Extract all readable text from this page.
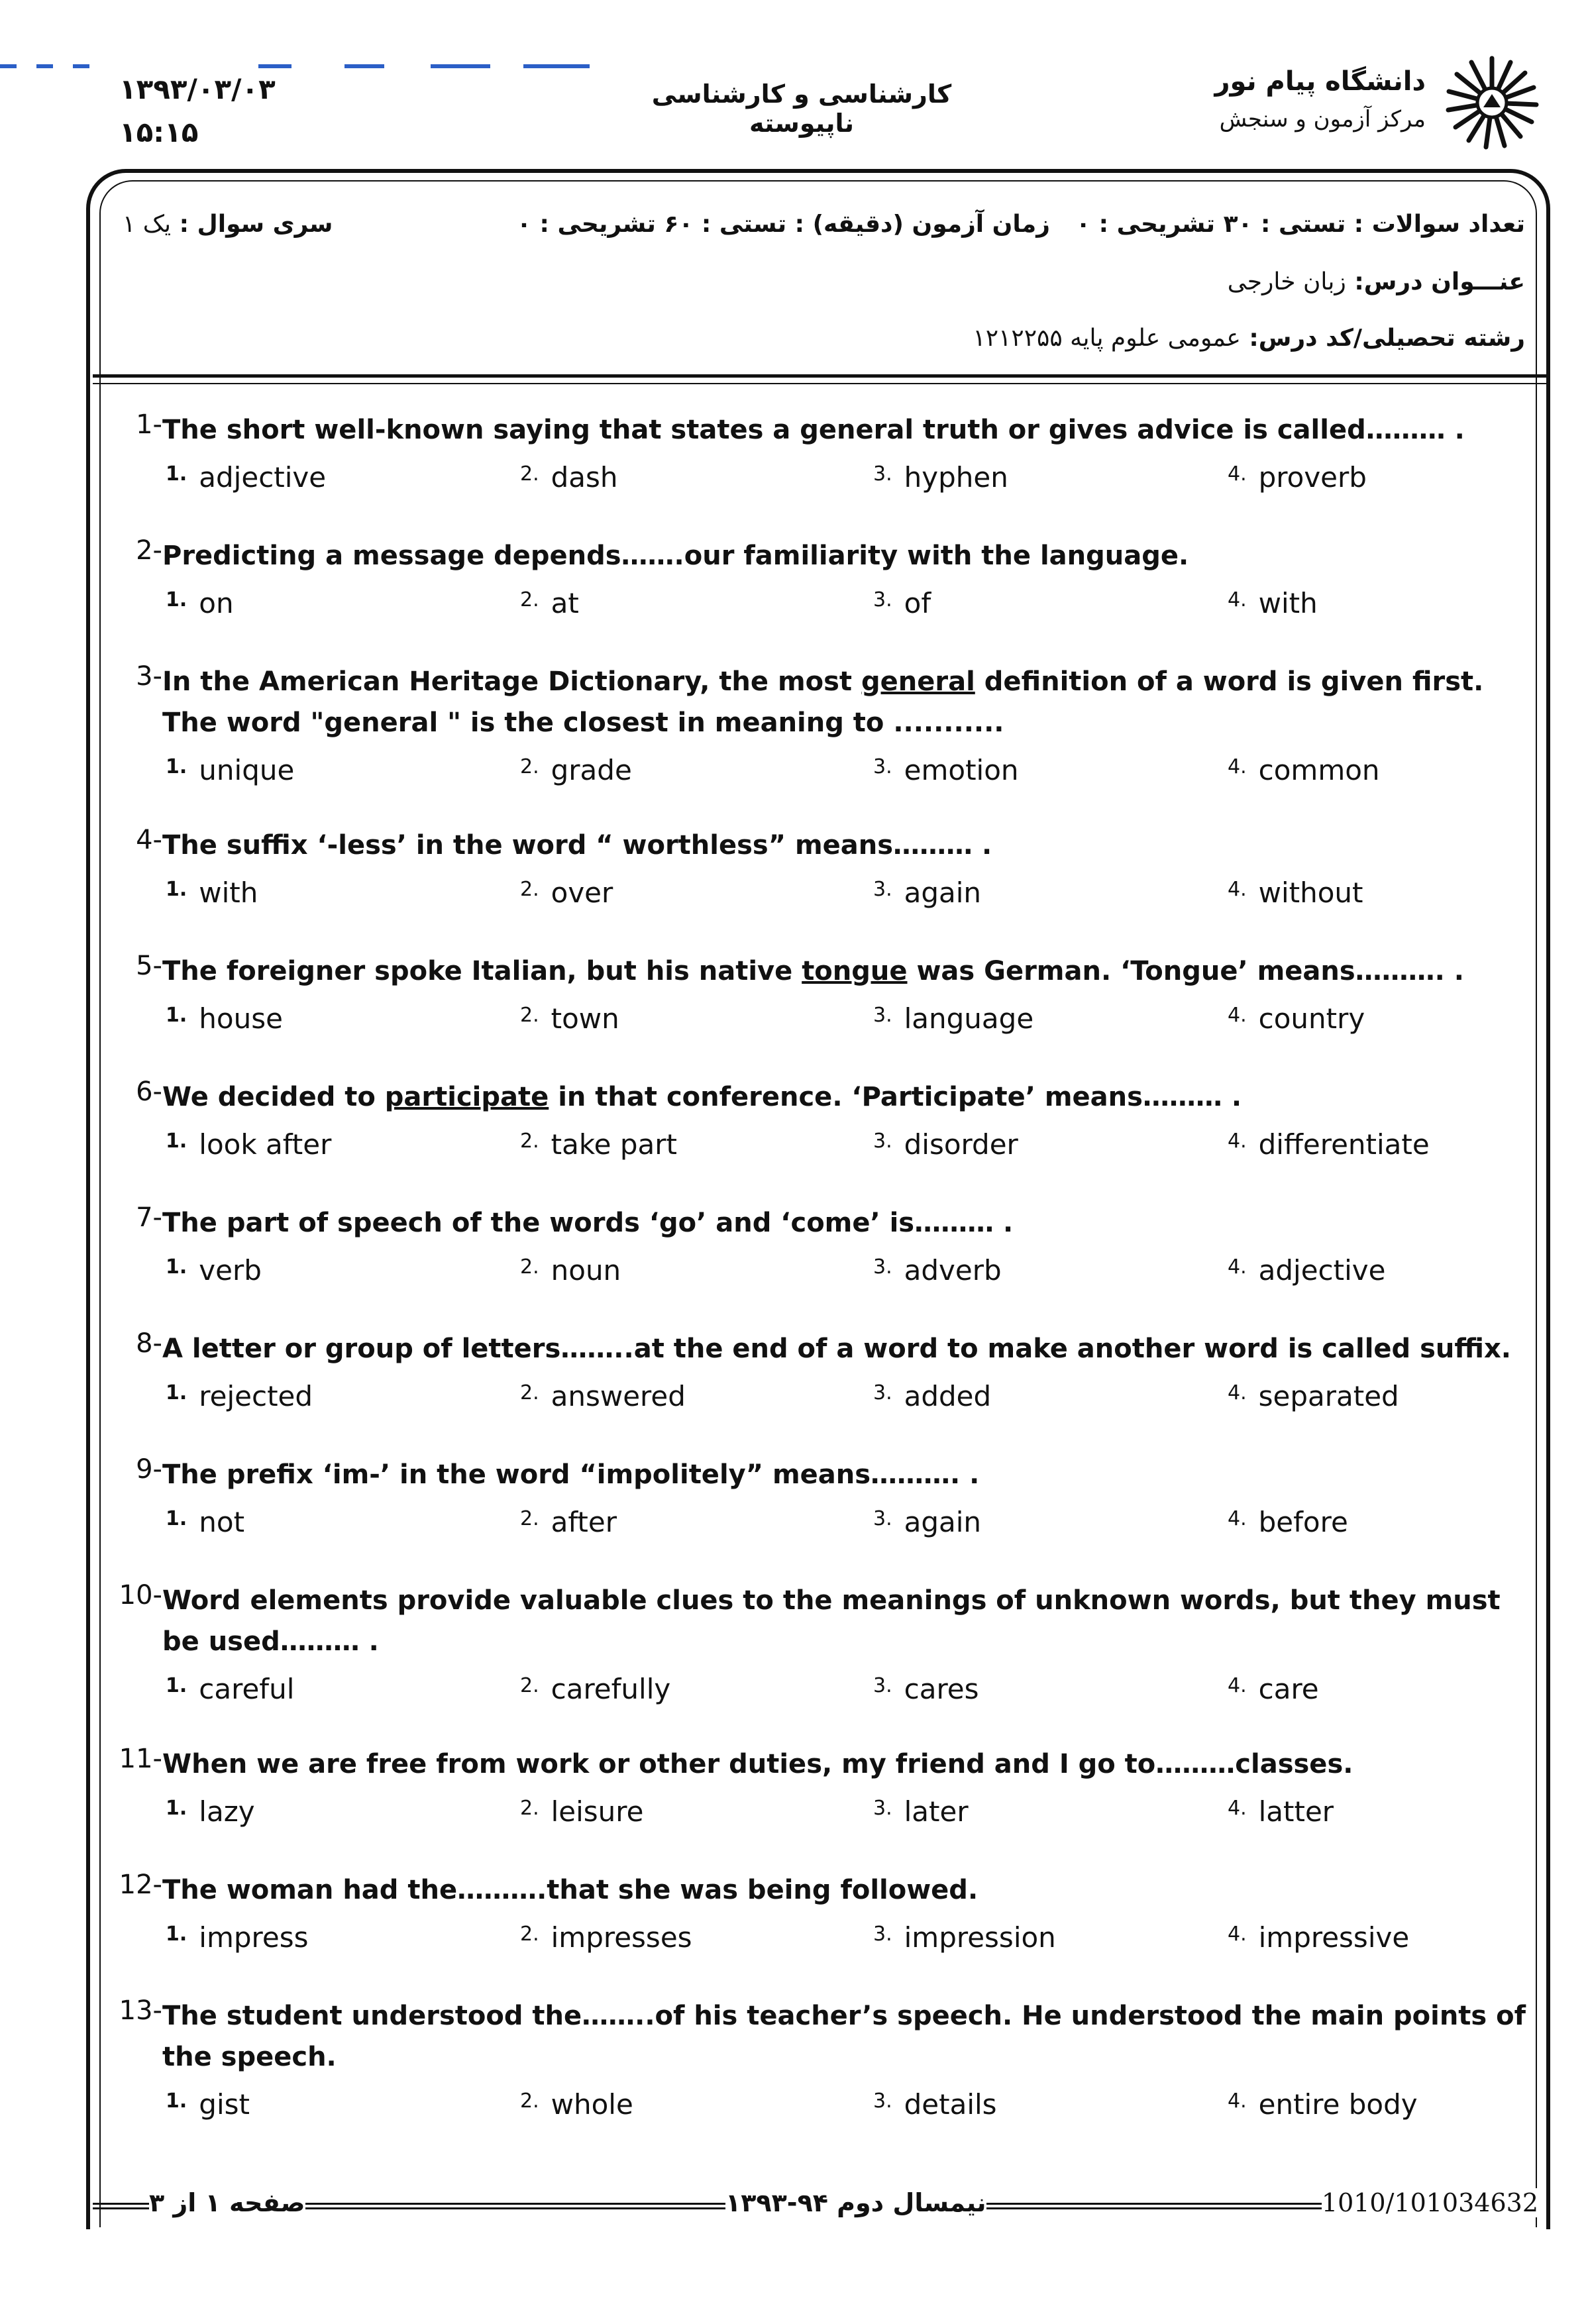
۱۳۹۳/۰۳/۰۳
۱۵:۱۵
کارشناسی و کارشناسی ناپیوسته
دانشگاه پیام نور
مرکز آزمون و سنجش
تعداد سوالات : تستی : ۳۰ تشریحی : ۰
زمان آزمون (دقیقه) : تستی : ۶۰ تشریحی : ۰
سری سوال : یک ۱
عنـــوان درس: زبان خارجی
رشته تحصیلی/کد درس: عمومی علوم پایه ۱۲۱۲۲۵۵
1- The short well-known saying that states a general truth or gives advice is called……… .
1. adjective	2. dash	3. hyphen	4. proverb
2- Predicting a message depends…….our familiarity with the language.
1. on	2. at	3. of	4. with
3- In the American Heritage Dictionary, the most general definition of a word is given first. The word "general " is the closest in meaning to ...........
1. unique	2. grade	3. emotion	4. common
4- The suffix ‘-less’ in the word “ worthless” means……… .
1. with	2. over	3. again	4. without
5- The foreigner spoke Italian, but his native tongue was German. ‘Tongue’ means………. .
1. house	2. town	3. language	4. country
6- We decided to participate in that conference. ‘Participate’ means……… .
1. look after	2. take part	3. disorder	4. differentiate
7- The part of speech of the words ‘go’ and ‘come’ is……… .
1. verb	2. noun	3. adverb	4. adjective
8- A letter or group of letters……..at the end of a word to make another word is called suffix.
1. rejected	2. answered	3. added	4. separated
9- The prefix ‘im-’ in the word “impolitely” means………. .
1. not	2. after	3. again	4. before
10- Word elements provide valuable clues to the meanings of unknown words, but they must be used……… .
1. careful	2. carefully	3. cares	4. care
11- When we are free from work or other duties, my friend and I go to………classes.
1. lazy	2. leisure	3. later	4. latter
12- The woman had the……….that she was being followed.
1. impress	2. impresses	3. impression	4. impressive
13- The student understood the……..of his teacher’s speech. He understood the main points of the speech.
1. gist	2. whole	3. details	4. entire body
صفحه ۱ از ۳	نیمسال دوم ۹۴-۱۳۹۳	1010/101034632
